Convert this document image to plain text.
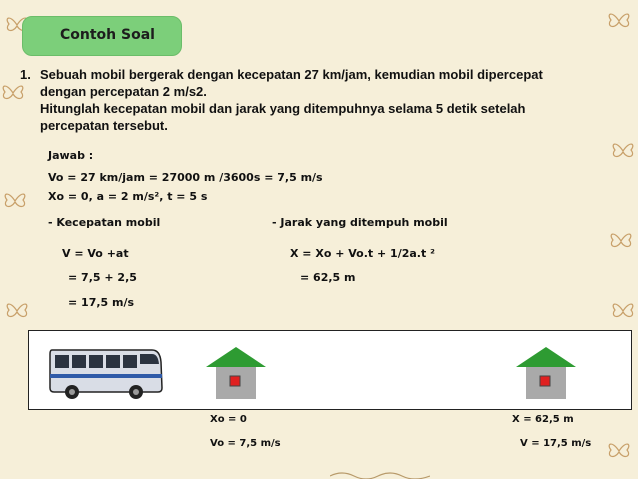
Contoh Soal
1. Sebuah mobil bergerak dengan kecepatan 27 km/jam, kemudian mobil dipercepat
dengan percepatan 2 m/s2.
Hitunglah kecepatan mobil dan jarak yang ditempuhnya selama 5 detik setelah
percepatan tersebut.
Jawab :
Vo = 27 km/jam = 27000 m /3600s = 7,5 m/s
Xo = 0, a = 2 m/s², t = 5 s
- Kecepatan mobil	- Jarak yang ditempuh mobil
V = Vo +at	X = Xo + Vo.t + 1/2a.t ²
= 7,5 + 2,5	= 62,5 m
= 17,5 m/s
Xo = 0
Vo = 7,5 m/s
X = 62,5 m
V = 17,5 m/s
